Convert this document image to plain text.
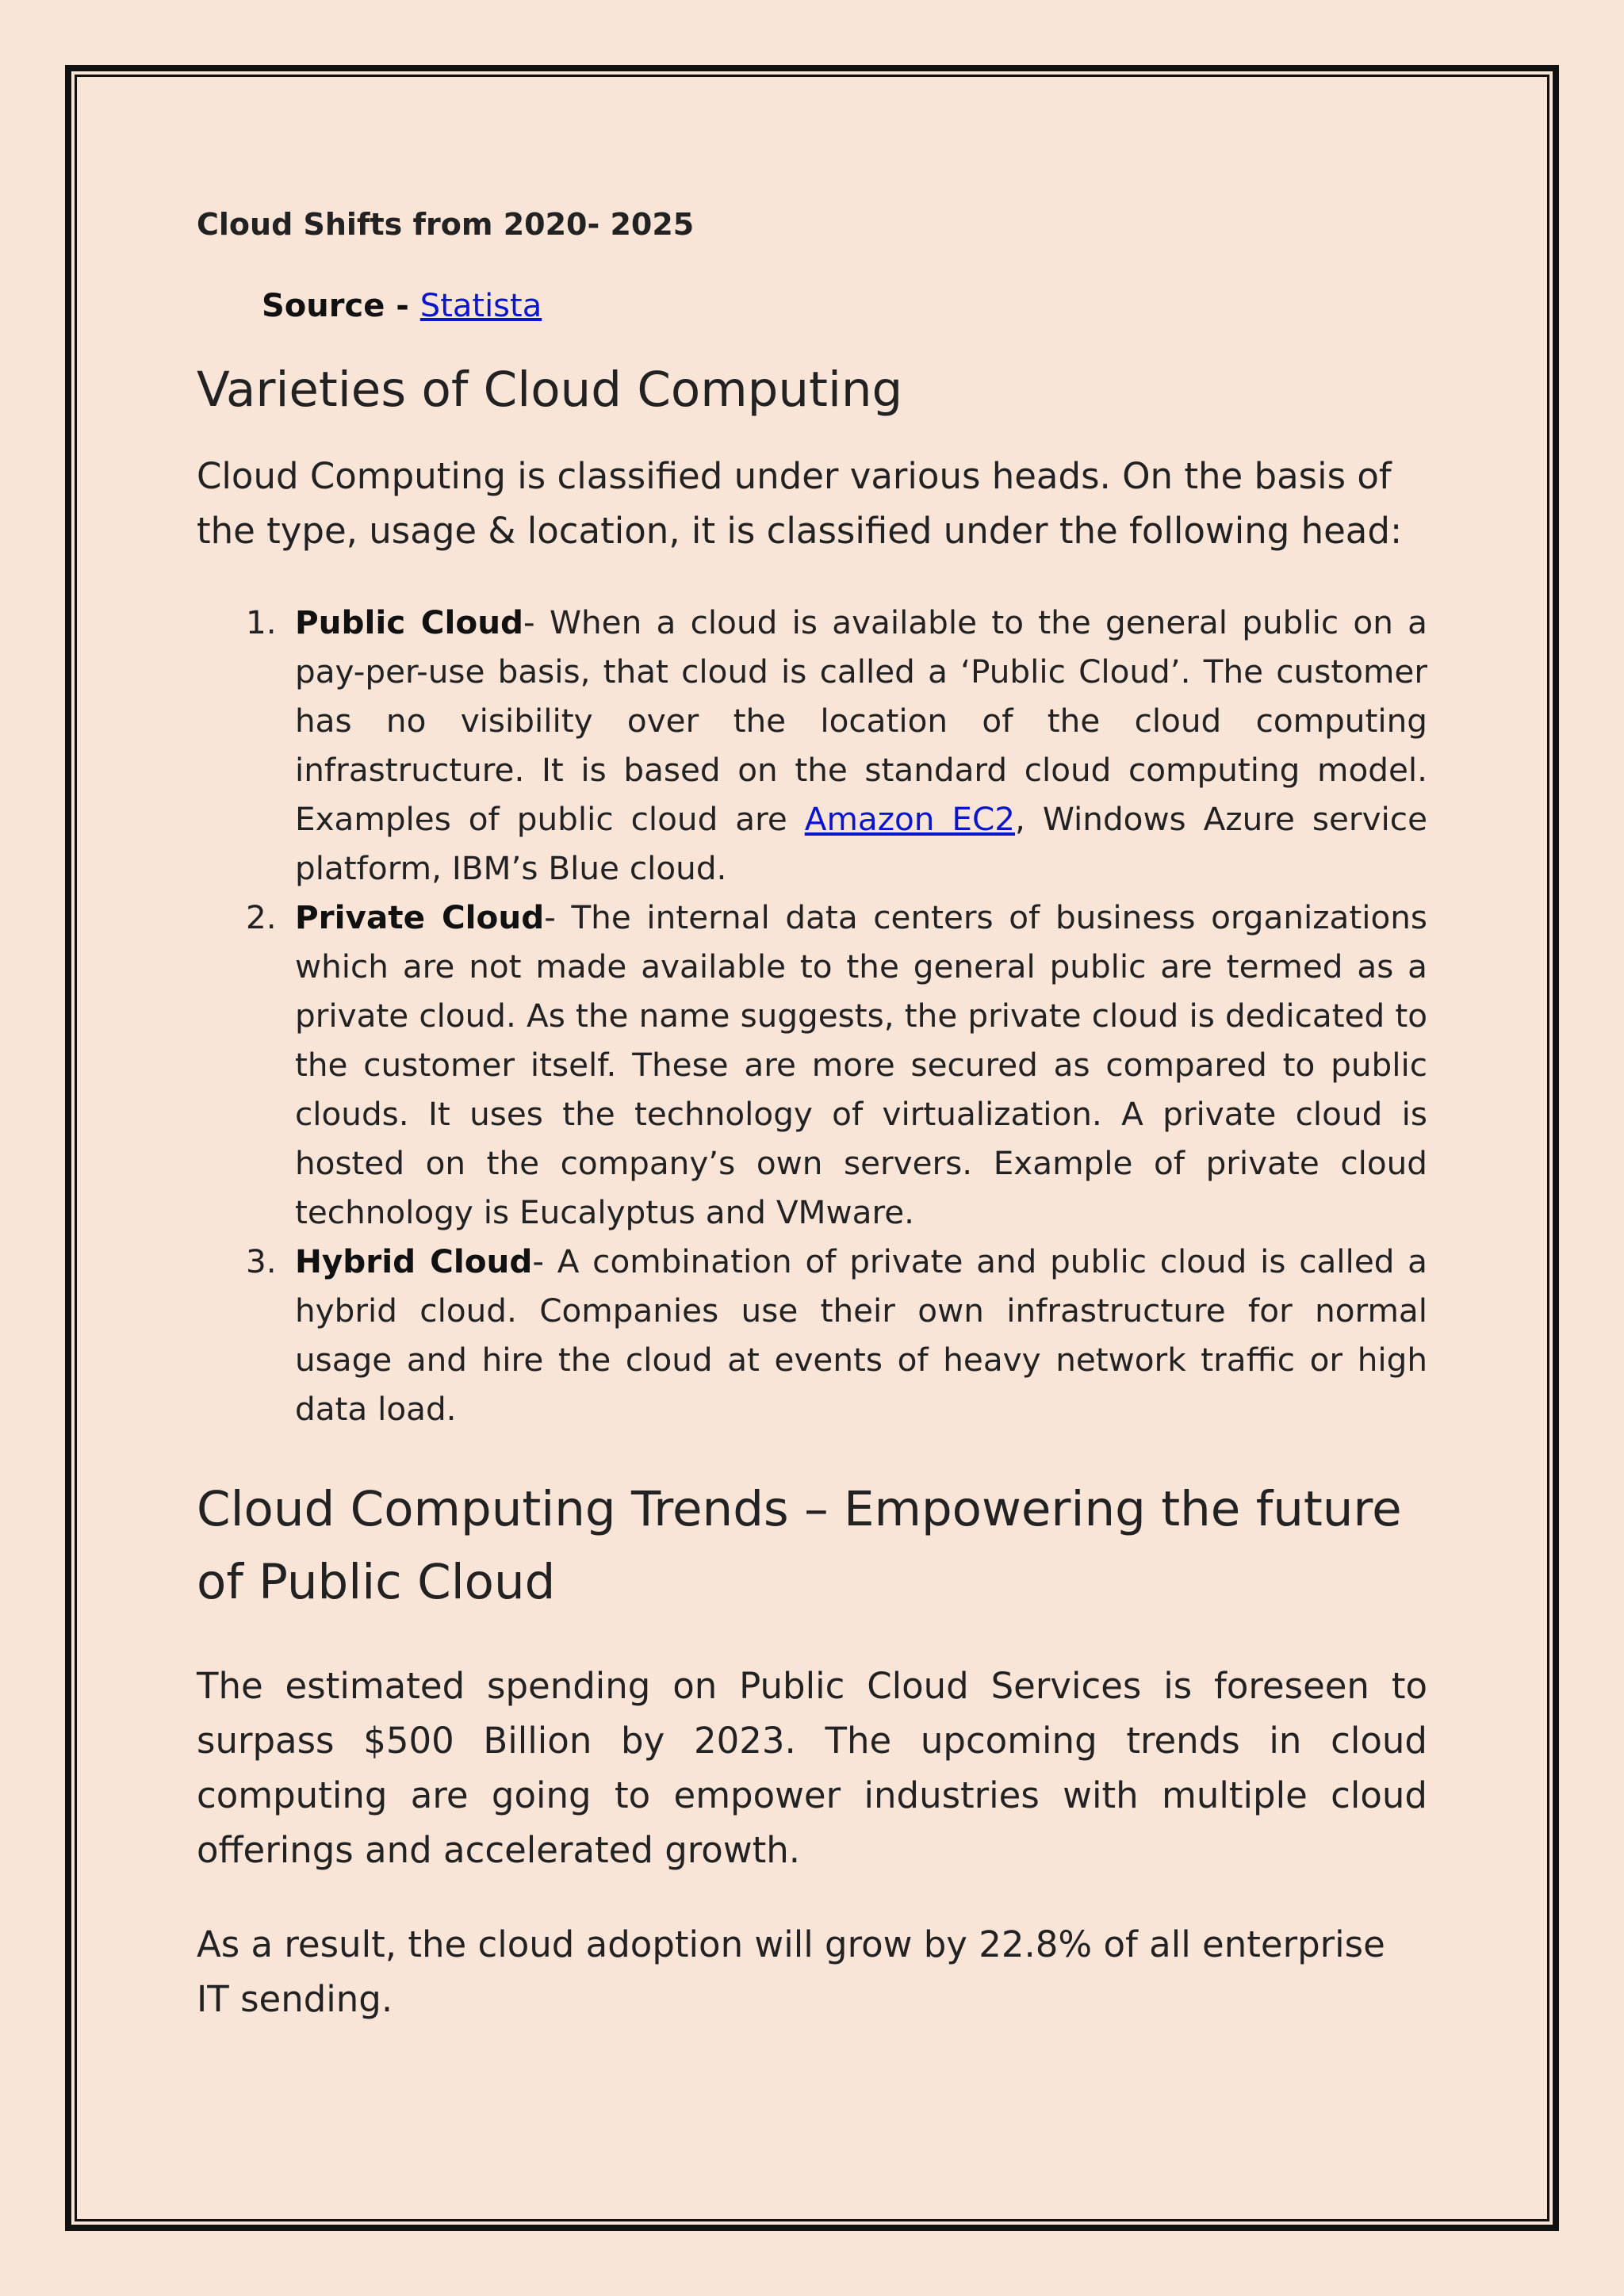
Cloud Shifts from 2020- 2025

Source - Statista

Varieties of Cloud Computing

Cloud Computing is classified under various heads. On the basis of the type, usage & location, it is classified under the following head:

1. Public Cloud- When a cloud is available to the general public on a pay-per-use basis, that cloud is called a ‘Public Cloud’. The customer has no visibility over the location of the cloud computing infrastructure. It is based on the standard cloud computing model. Examples of public cloud are Amazon EC2, Windows Azure service platform, IBM’s Blue cloud.
2. Private Cloud- The internal data centers of business organizations which are not made available to the general public are termed as a private cloud. As the name suggests, the private cloud is dedicated to the customer itself. These are more secured as compared to public clouds. It uses the technology of virtualization. A private cloud is hosted on the company’s own servers. Example of private cloud technology is Eucalyptus and VMware.
3. Hybrid Cloud- A combination of private and public cloud is called a hybrid cloud. Companies use their own infrastructure for normal usage and hire the cloud at events of heavy network traffic or high data load.
Cloud Computing Trends – Empowering the future of Public Cloud

The estimated spending on Public Cloud Services is foreseen to surpass $500 Billion by 2023. The upcoming trends in cloud computing are going to empower industries with multiple cloud offerings and accelerated growth.

As a result, the cloud adoption will grow by 22.8% of all enterprise IT sending.
